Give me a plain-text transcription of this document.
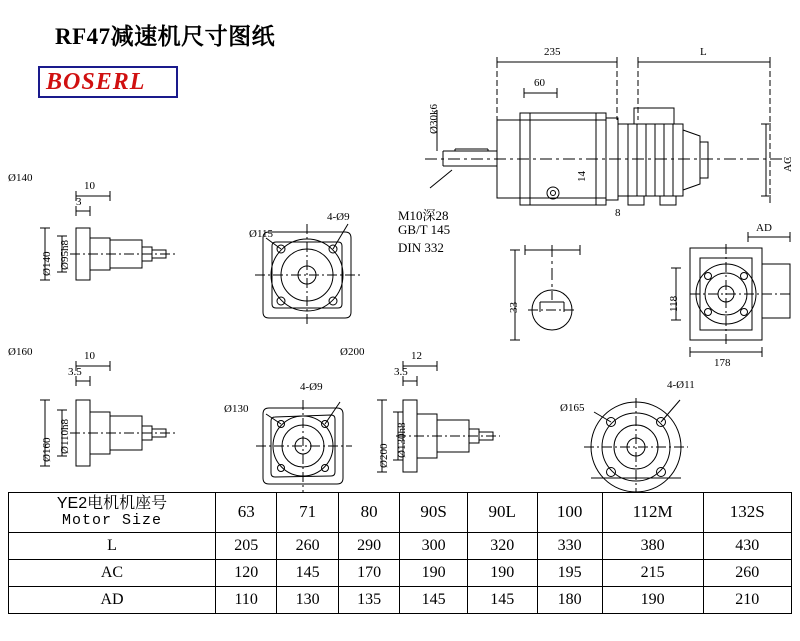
RF47减速机尺寸图纸
BOSERL
235	L
60
Ø30k6
AC
AD
14
M10深28
GB/T 145
DIN 332
8
33	118
178
Ø140
10
3
Ø140 Ø95h8
4-Ø9
Ø115
Ø160	10
3.5
Ø160 Ø110h8
4-Ø9
Ø130
Ø200	12
3.5
Ø200 Ø130h8
4-Ø11
Ø165
YE2电机机座号
Motor Size	63	71	80	90S	90L	100	112M	132S
L	205	260	290	300	320	330	380	430
AC	120	145	170	190	190	195	215	260
AD	110	130	135	145	145	180	190	210
